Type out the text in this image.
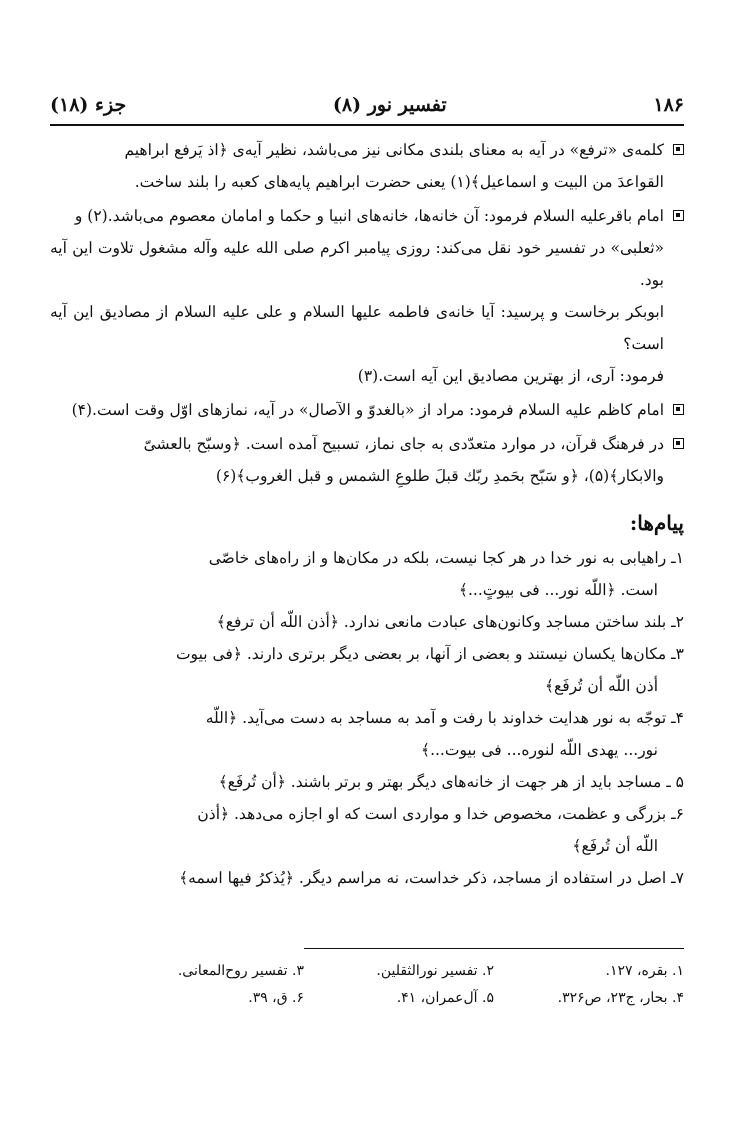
۱۸۶
تفسیر نور (۸)
جزء (۱۸)

کلمه‌ی «ترفع» در آیه به معنای بلندی مکانی نیز می‌باشد، نظیر آیه‌ی ﴿اذ یَرفع ابراهیم

القواعدَ من البیت و اسماعیل﴾(۱) یعنی حضرت ابراهیم پایه‌های کعبه را بلند ساخت.

امام باقرعلیه السلام فرمود: آن خانه‌ها، خانه‌های انبیا و حکما و امامان معصوم می‌باشد.(۲) و

«ثعلبی» در تفسیر خود نقل می‌کند: روزی پیامبر اکرم صلی الله علیه وآله مشغول تلاوت این آیه بود.

ابوبکر برخاست و پرسید: آیا خانه‌ی فاطمه علیها السلام و علی علیه السلام از مصادیق این آیه است؟

فرمود: آری، از بهترین مصادیق این آیه است.(۳)

امام کاظم علیه السلام فرمود: مراد از «بالغدوّ و الآصال» در آیه، نمازهای اوّل وقت است.(۴)

در فرهنگ قرآن، در موارد متعدّدی به جای نماز، تسبیح آمده است. ﴿وسبّح بالعشیّ

والابکار﴾(۵)، ﴿و سَبّح بحَمدِ ربّك قبلَ طلوعِ الشمس و قبل الغروب﴾(۶)

پیام‌ها:

۱ـ راهیابی به نور خدا در هر کجا نیست، بلکه در مکان‌ها و از راه‌های خاصّی

است. ﴿اللّه نور... فی بیوتٍ...﴾

۲ـ بلند ساختن مساجد وکانون‌های عبادت مانعی ندارد. ﴿أذن اللّه أن ترفع﴾

۳ـ مکان‌ها یکسان نیستند و بعضی از آنها، بر بعضی دیگر برتری دارند. ﴿فی بیوت

أذن اللّه أن تُرفَع﴾

۴ـ توجّه به نور هدایت خداوند با رفت و آمد به مساجد به دست می‌آید. ﴿اللّه

نور... یهدی اللّه لنوره... فی بیوت...﴾

۵ ـ مساجد باید از هر جهت از خانه‌های دیگر بهتر و برتر باشند. ﴿أن تُرفَع﴾

۶ـ بزرگی و عظمت، مخصوص خدا و مواردی است که او اجازه می‌دهد. ﴿أذن

اللّه أن تُرفَع﴾

۷ـ اصل در استفاده از مساجد، ذکر خداست، نه مراسم دیگر. ﴿یُذکرُ فیها اسمه﴾

۱. بقره، ۱۲۷.
۲. تفسیر نورالثقلین.
۳. تفسیر روح‌المعانی.
۴. بحار، ج۲۳، ص۳۲۶.
۵. آل‌عمران، ۴۱.
۶. ق، ۳۹.
